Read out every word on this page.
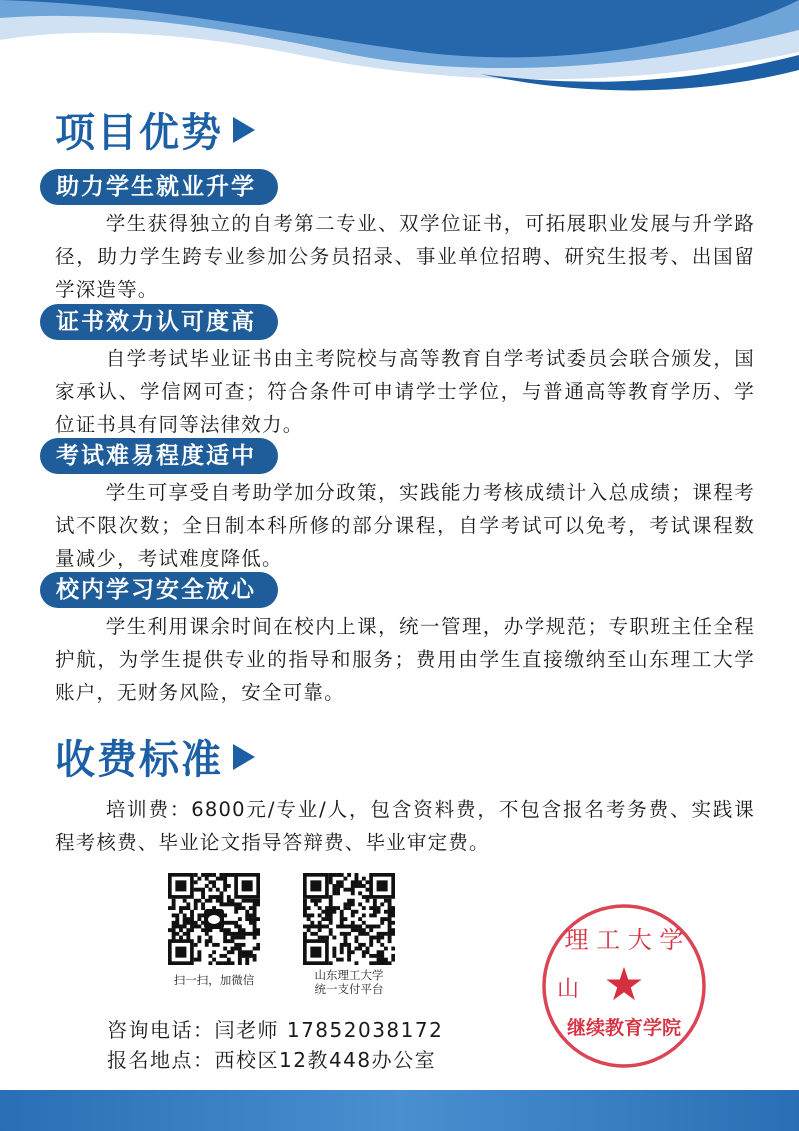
项目优势
助力学生就业升学

学生获得独立的自考第二专业、双学位证书，可拓展职业发展与升学路径，助力学生跨专业参加公务员招录、事业单位招聘、研究生报考、出国留学深造等。

证书效力认可度高

自学考试毕业证书由主考院校与高等教育自学考试委员会联合颁发，国家承认、学信网可查；符合条件可申请学士学位，与普通高等教育学历、学位证书具有同等法律效力。

考试难易程度适中

学生可享受自考助学加分政策，实践能力考核成绩计入总成绩；课程考试不限次数；全日制本科所修的部分课程，自学考试可以免考，考试课程数量减少，考试难度降低。

校内学习安全放心

学生利用课余时间在校内上课，统一管理，办学规范；专职班主任全程护航，为学生提供专业的指导和服务；费用由学生直接缴纳至山东理工大学账户，无财务风险，安全可靠。

收费标准

培训费：6800元/专业/人，包含资料费，不包含报名考务费、实践课程考核费、毕业论文指导答辩费、毕业审定费。

扫一扫，加微信	山东理工大学
统一支付平台

咨询电话：闫老师 17852038172

报名地点：西校区12教448办公室

理 工 大 学
山 ★
继续教育学院
